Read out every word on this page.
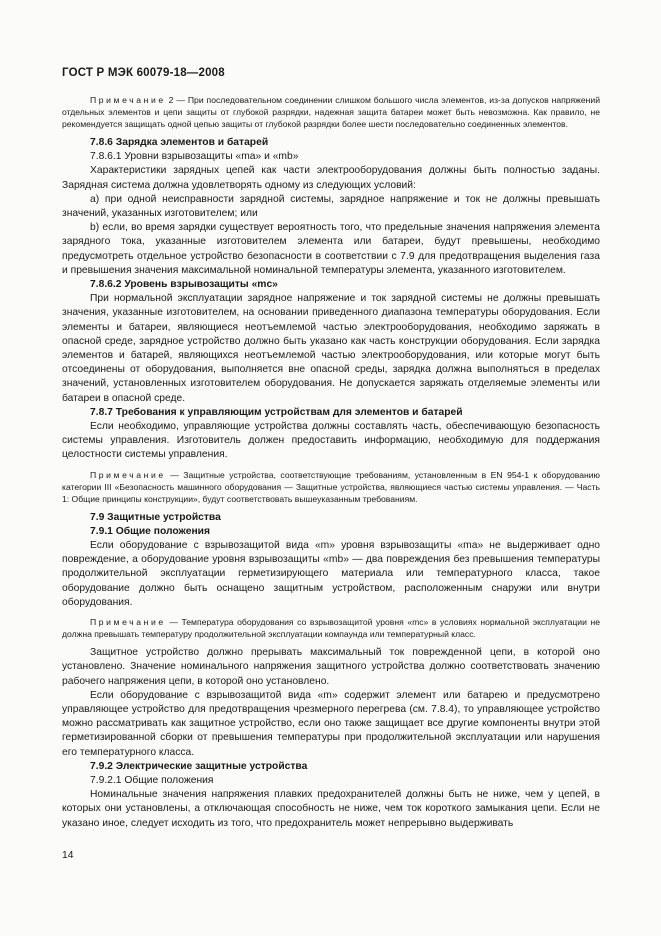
ГОСТ Р МЭК 60079-18—2008

Примечание 2 — При последовательном соединении слишком большого числа элементов, из-за допусков напряжений отдельных элементов и цепи защиты от глубокой разрядки, надежная защита батареи может быть невозможна. Как правило, не рекомендуется защищать одной цепью защиты от глубокой разрядки более шести последовательно соединенных элементов.

7.8.6 Зарядка элементов и батарей

7.8.6.1 Уровни взрывозащиты «ma» и «mb»

Характеристики зарядных цепей как части электрооборудования должны быть полностью заданы. Зарядная система должна удовлетворять одному из следующих условий:

а) при одной неисправности зарядной системы, зарядное напряжение и ток не должны превышать значений, указанных изготовителем; или

b) если, во время зарядки существует вероятность того, что предельные значения напряжения элемента зарядного тока, указанные изготовителем элемента или батареи, будут превышены, необходимо предусмотреть отдельное устройство безопасности в соответствии с 7.9 для предотвращения выделения газа и превышения значения максимальной номинальной температуры элемента, указанного изготовителем.

7.8.6.2 Уровень взрывозащиты «mc»

При нормальной эксплуатации зарядное напряжение и ток зарядной системы не должны превышать значения, указанные изготовителем, на основании приведенного диапазона температуры оборудования. Если элементы и батареи, являющиеся неотъемлемой частью электрооборудования, необходимо заряжать в опасной среде, зарядное устройство должно быть указано как часть конструкции оборудования. Если зарядка элементов и батарей, являющихся неотъемлемой частью электрооборудования, или которые могут быть отсоединены от оборудования, выполняется вне опасной среды, зарядка должна выполняться в пределах значений, установленных изготовителем оборудования. Не допускается заряжать отделяемые элементы или батареи в опасной среде.

7.8.7 Требования к управляющим устройствам для элементов и батарей

Если необходимо, управляющие устройства должны составлять часть, обеспечивающую безопасность системы управления. Изготовитель должен предоставить информацию, необходимую для поддержания целостности системы управления.

Примечание — Защитные устройства, соответствующие требованиям, установленным в EN 954-1 к оборудованию категории III «Безопасность машинного оборудования — Защитные устройства, являющиеся частью системы управления. — Часть 1: Общие принципы конструкции», будут соответствовать вышеуказанным требованиям.

7.9 Защитные устройства

7.9.1 Общие положения

Если оборудование с взрывозащитой вида «m» уровня взрывозащиты «ma» не выдерживает одно повреждение, а оборудование уровня взрывозащиты «mb» — два повреждения без превышения температуры продолжительной эксплуатации герметизирующего материала или температурного класса, такое оборудование должно быть оснащено защитным устройством, расположенным снаружи или внутри оборудования.

Примечание — Температура оборудования со взрывозащитой уровня «mc» в условиях нормальной эксплуатации не должна превышать температуру продолжительной эксплуатации компаунда или температурный класс.

Защитное устройство должно прерывать максимальный ток поврежденной цепи, в которой оно установлено. Значение номинального напряжения защитного устройства должно соответствовать значению рабочего напряжения цепи, в которой оно установлено.

Если оборудование с взрывозащитой вида «m» содержит элемент или батарею и предусмотрено управляющее устройство для предотвращения чрезмерного перегрева (см. 7.8.4), то управляющее устройство можно рассматривать как защитное устройство, если оно также защищает все другие компоненты внутри этой герметизированной сборки от превышения температуры при продолжительной эксплуатации или нарушения его температурного класса.

7.9.2 Электрические защитные устройства

7.9.2.1 Общие положения

Номинальные значения напряжения плавких предохранителей должны быть не ниже, чем у цепей, в которых они установлены, а отключающая способность не ниже, чем ток короткого замыкания цепи. Если не указано иное, следует исходить из того, что предохранитель может непрерывно выдерживать

14
